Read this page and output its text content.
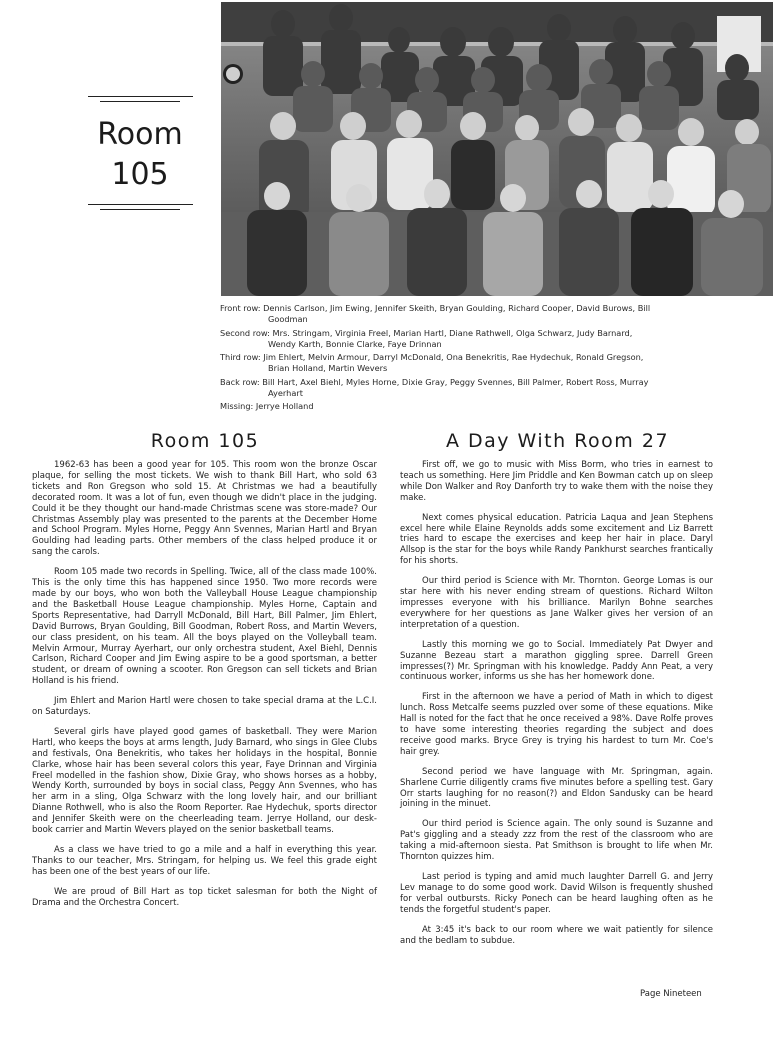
Room
105
Front row: Dennis Carlson, Jim Ewing, Jennifer Skeith, Bryan Goulding, Richard Cooper, David Burows, Bill Goodman
Second row: Mrs. Stringam, Virginia Freel, Marian Hartl, Diane Rathwell, Olga Schwarz, Judy Barnard, Wendy Karth, Bonnie Clarke, Faye Drinnan
Third row: Jim Ehlert, Melvin Armour, Darryl McDonald, Ona Benekritis, Rae Hydechuk, Ronald Gregson, Brian Holland, Martin Wevers
Back row: Bill Hart, Axel Biehl, Myles Horne, Dixie Gray, Peggy Svennes, Bill Palmer, Robert Ross, Murray Ayerhart
Missing: Jerrye Holland
Room 105	A Day With Room 27

1962-63 has been a good year for 105. This room won the bronze Oscar plaque, for selling the most tickets. We wish to thank Bill Hart, who sold 63 tickets and Ron Gregson who sold 15. At Christmas we had a beautifully decorated room. It was a lot of fun, even though we didn't place in the judging. Could it be they thought our hand-made Christmas scene was store-made? Our Christmas Assembly play was presented to the parents at the December Home and School Program. Myles Horne, Peggy Ann Svennes, Marian Hartl and Bryan Goulding had leading parts. Other members of the class helped produce it or sang the carols.

Room 105 made two records in Spelling. Twice, all of the class made 100%. This is the only time this has happened since 1950. Two more records were made by our boys, who won both the Valleyball House League championship and the Basketball House League championship. Myles Horne, Captain and Sports Representative, had Darryll McDonald, Bill Hart, Bill Palmer, Jim Ehlert, David Burrows, Bryan Goulding, Bill Goodman, Robert Ross, and Martin Wevers, our class president, on his team. All the boys played on the Volleyball team. Melvin Armour, Murray Ayerhart, our only orchestra student, Axel Biehl, Dennis Carlson, Richard Cooper and Jim Ewing aspire to be a good sportsman, a better student, or dream of owning a scooter. Ron Gregson can sell tickets and Brian Holland is his friend.

Jim Ehlert and Marion Hartl were chosen to take special drama at the L.C.I. on Saturdays.

Several girls have played good games of basketball. They were Marion Hartl, who keeps the boys at arms length, Judy Barnard, who sings in Glee Clubs and festivals, Ona Benekritis, who takes her holidays in the hospital, Bonnie Clarke, whose hair has been several colors this year, Faye Drinnan and Virginia Freel modelled in the fashion show, Dixie Gray, who shows horses as a hobby, Wendy Korth, surrounded by boys in social class, Peggy Ann Svennes, who has her arm in a sling, Olga Schwarz with the long lovely hair, and our brilliant Dianne Rothwell, who is also the Room Reporter. Rae Hydechuk, sports director and Jennifer Skeith were on the cheerleading team. Jerrye Holland, our desk-book carrier and Martin Wevers played on the senior basketball teams.

As a class we have tried to go a mile and a half in everything this year. Thanks to our teacher, Mrs. Stringam, for helping us. We feel this grade eight has been one of the best years of our life.

We are proud of Bill Hart as top ticket salesman for both the Night of Drama and the Orchestra Concert.

First off, we go to music with Miss Borm, who tries in earnest to teach us something. Here Jim Priddle and Ken Bowman catch up on sleep while Don Walker and Roy Danforth try to wake them with the noise they make.

Next comes physical education. Patricia Laqua and Jean Stephens excel here while Elaine Reynolds adds some excitement and Liz Barrett tries hard to escape the exercises and keep her hair in place. Daryl Allsop is the star for the boys while Randy Pankhurst searches frantically for his shorts.

Our third period is Science with Mr. Thornton. George Lomas is our star here with his never ending stream of questions. Richard Wilton impresses everyone with his brilliance. Marilyn Bohne searches everywhere for her questions as Jane Walker gives her version of an interpretation of a question.

Lastly this morning we go to Social. Immediately Pat Dwyer and Suzanne Bezeau start a marathon giggling spree. Darrell Green impresses(?) Mr. Springman with his knowledge. Paddy Ann Peat, a very continuous worker, informs us she has her homework done.

First in the afternoon we have a period of Math in which to digest lunch. Ross Metcalfe seems puzzled over some of these equations. Mike Hall is noted for the fact that he once received a 98%. Dave Rolfe proves to have some interesting theories regarding the subject and does receive good marks. Bryce Grey is trying his hardest to turn Mr. Coe's hair grey.

Second period we have language with Mr. Springman, again. Sharlene Currie diligently crams five minutes before a spelling test. Gary Orr starts laughing for no reason(?) and Eldon Sandusky can be heard joining in the minuet.

Our third period is Science again. The only sound is Suzanne and Pat's giggling and a steady zzz from the rest of the classroom who are taking a mid-afternoon siesta. Pat Smithson is brought to life when Mr. Thornton quizzes him.

Last period is typing and amid much laughter Darrell G. and Jerry Lev manage to do some good work. David Wilson is frequently shushed for verbal outbursts. Ricky Ponech can be heard laughing often as he tends the forgetful student's paper.

At 3:45 it's back to our room where we wait patiently for silence and the bedlam to subdue.

Page Nineteen
